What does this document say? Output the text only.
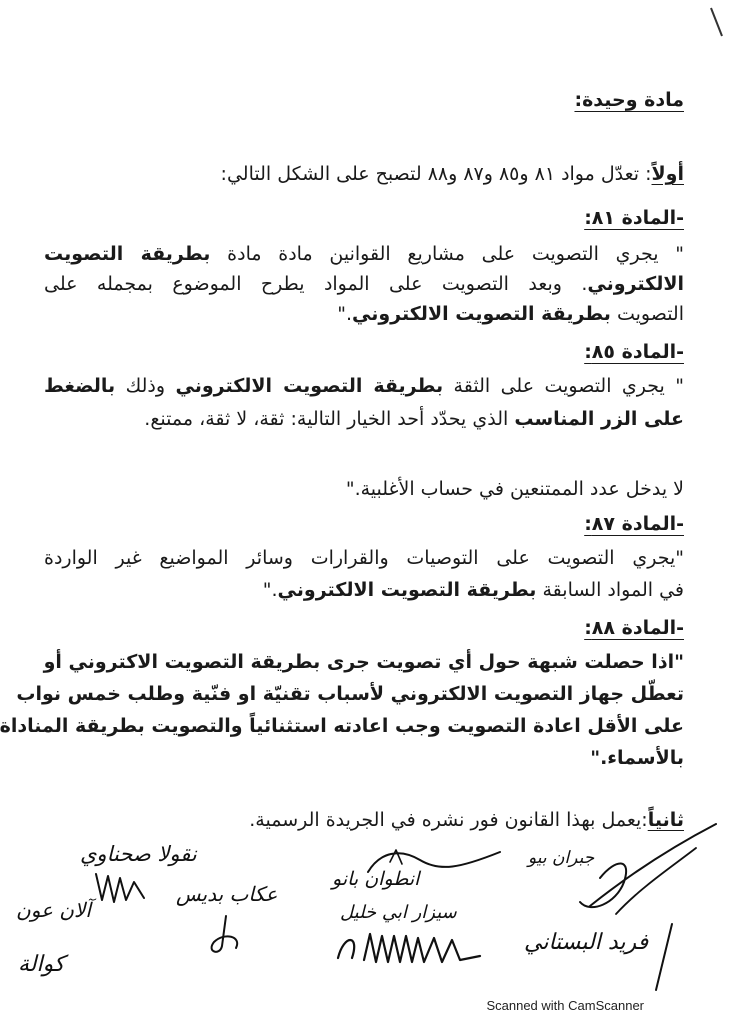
مادة وحيدة:
أولاً: تعدّل مواد ٨١ و٨٥ و٨٧ و٨٨ لتصبح على الشكل التالي:
-المادة ٨١:
" يجري التصويت على مشاريع القوانين مادة مادة بطريقة التصويت
الالكتروني. وبعد التصويت على المواد يطرح الموضوع بمجمله على
التصويت بطريقة التصويت الالكتروني."
-المادة ٨٥:
" يجري التصويت على الثقة بطريقة التصويت الالكتروني وذلك بالضغط
على الزر المناسب الذي يحدّد أحد الخيار التالية: ثقة، لا ثقة، ممتنع.
لا يدخل عدد الممتنعين في حساب الأغلبية."
-المادة ٨٧:
"يجري التصويت على التوصيات والقرارات وسائر المواضيع غير الواردة
في المواد السابقة بطريقة التصويت الالكتروني."
-المادة ٨٨:
"اذا حصلت شبهة حول أي تصويت جرى بطريقة التصويت الاكتروني أو
تعطّل جهاز التصويت الالكتروني لأسباب تقنيّة او فنّية وطلب خمس نواب
على الأقل اعادة التصويت وجب اعادته استثنائياً والتصويت بطريقة المناداة
بالأسماء."
ثانياً:يعمل بهذا القانون فور نشره في الجريدة الرسمية.
نقولا صحناوي
انطوان بانو
عكاب بديس
سيزار ابي خليل
آلان عون
كوالة
جبران بيو
فريد البستاني
Scanned with CamScanner
